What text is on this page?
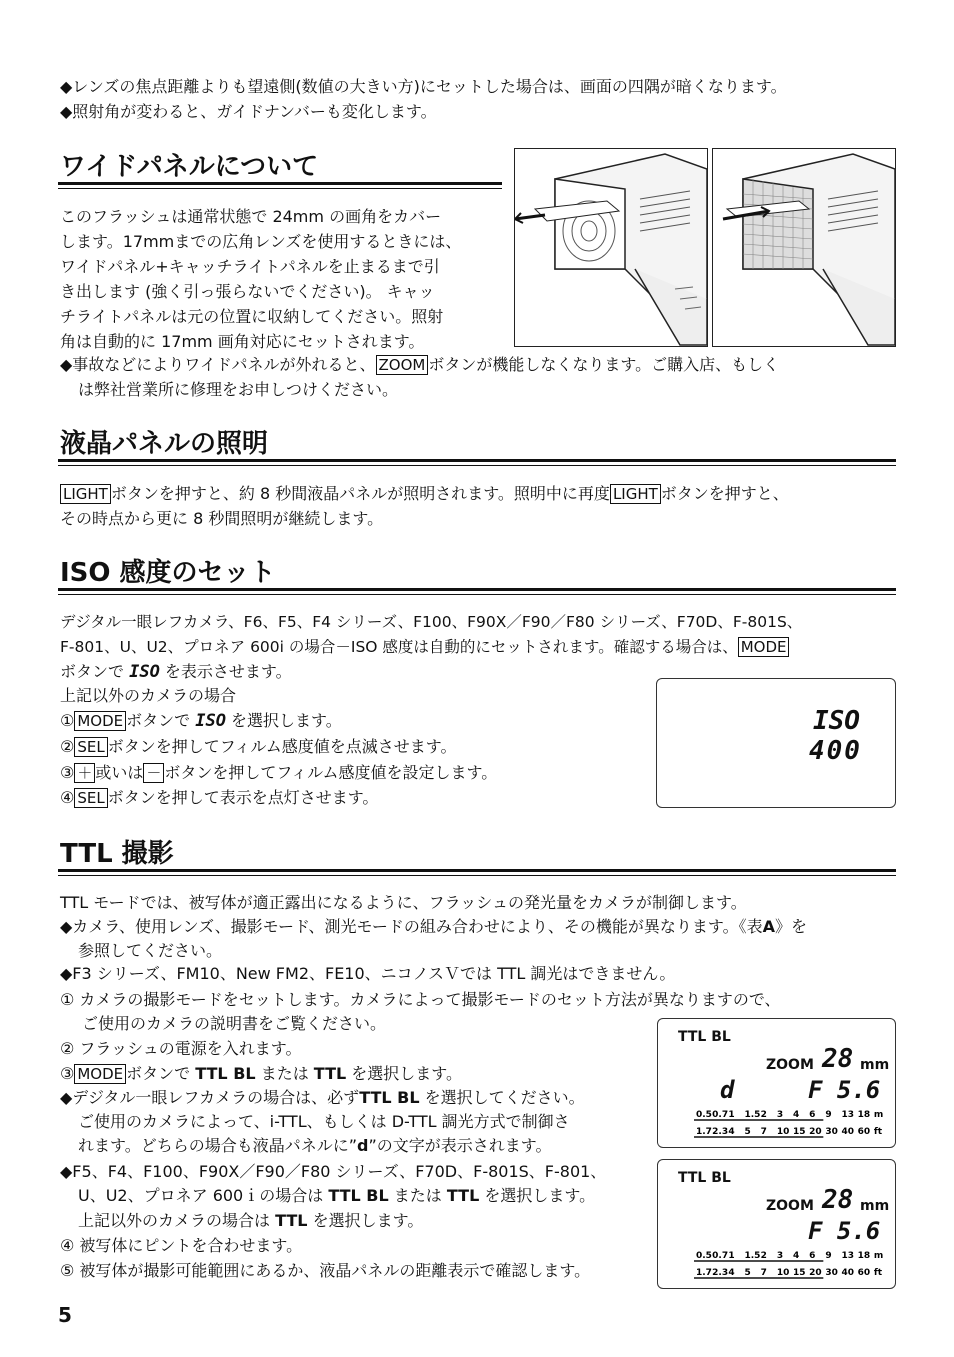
◆レンズの焦点距離よりも望遠側(数値の大きい方)にセットした場合は、画面の四隅が暗くなります。
◆照射角が変わると、ガイドナンバーも変化します。
ワイドパネルについて
このフラッシュは通常状態で 24mm の画角をカバー
します。17mmまでの広角レンズを使用するときには、
ワイドパネル+キャッチライトパネルを止まるまで引
き出します (強く引っ張らないでください)。 キャッ
チライトパネルは元の位置に収納してください。照射
角は自動的に 17mm 画角対応にセットされます。
◆事故などによりワイドパネルが外れると、 ZOOM ボタンが機能しなくなります。ご購入店、もしく
は弊社営業所に修理をお申しつけください。
液晶パネルの照明
LIGHT ボタンを押すと、約 8 秒間液晶パネルが照明されます。照明中に再度 LIGHT ボタンを押すと、
その時点から更に 8 秒間照明が継続します。
ISO 感度のセット
デジタル一眼レフカメラ、F6、F5、F4 シリーズ、F100、F90X／F90／F80 シリーズ、F70D、F-801S、
F-801、U、U2、プロネア 600i の場合－ISO 感度は自動的にセットされます。確認する場合は、 MODE
ボタンで ISO を表示させます。
上記以外のカメラの場合
① MODE ボタンで ISO を選択します。
② SEL ボタンを押してフィルム感度値を点滅させます。
③ ＋ 或いは － ボタンを押してフィルム感度値を設定します。
④ SEL ボタンを押して表示を点灯させます。
ISO
400
TTL 撮影
TTL モードでは、被写体が適正露出になるように、フラッシュの発光量をカメラが制御します。
◆カメラ、使用レンズ、撮影モード、測光モードの組み合わせにより、その機能が異なります。《表A》を
参照してください。
◆F3 シリーズ、FM10、New FM2、FE10、ニコノスＶでは TTL 調光はできません。
① カメラの撮影モードをセットします。カメラによって撮影モードのセット方法が異なりますので、
ご使用のカメラの説明書をご覧ください。
② フラッシュの電源を入れます。
③ MODE ボタンで TTL BL または TTL を選択します。
◆デジタル一眼レフカメラの場合は、必ずTTL BL を選択してください。
ご使用のカメラによって、i-TTL、もしくは D-TTL 調光方式で制御さ
れます。どちらの場合も液晶パネルに”d”の文字が表示されます。
◆F5、F4、F100、F90X／F90／F80 シリーズ、F70D、F-801S、F-801、
U、U2、プロネア 600ｉの場合は TTL BL または TTL を選択します。
上記以外のカメラの場合は TTL を選択します。
④ 被写体にピントを合わせます。
⑤ 被写体が撮影可能範囲にあるか、液晶パネルの距離表示で確認します。
TTL BL
ZOOM 28 mm
d	F 5.6
0.5 0.7 1 1.5 2 3 4 6 9 13 18 m
1.7 2.3 4 5 7 10 15 20 30 40 60 ft
TTL BL
ZOOM 28 mm
F 5.6
0.5 0.7 1 1.5 2 3 4 6 9 13 18 m
1.7 2.3 4 5 7 10 15 20 30 40 60 ft
5
